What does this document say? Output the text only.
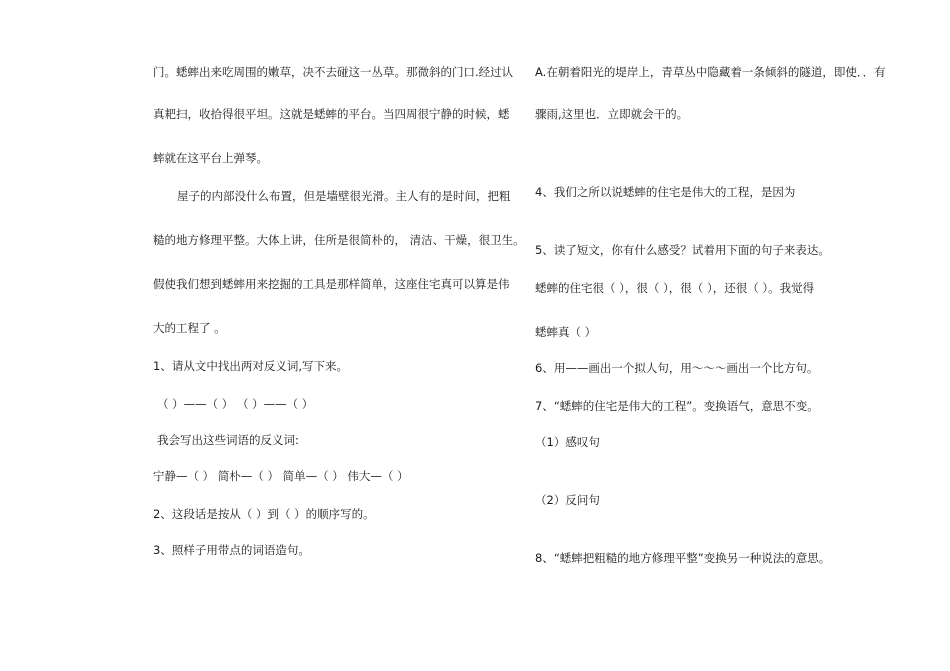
门。蟋蟀出来吃周围的嫩草，决不去碰这一丛草。那微斜的门口.经过认
真耙扫，收拾得很平坦。这就是蟋蟀的平台。当四周很宁静的时候，蟋
蟀就在这平台上弹琴。
屋子的内部没什么布置，但是墙壁很光滑。主人有的是时间，把粗
糙的地方修理平整。大体上讲，住所是很简朴的， 清洁、干燥，很卫生。
假使我们想到蟋蟀用来挖掘的工具是那样简单，这座住宅真可以算是伟
大的工程了 。
1、请从文中找出两对反义词,写下来。
（ ）——（ ） （ ）——（ ）
我会写出这些词语的反义词:
宁静—（ ） 简朴—（ ） 简单—（ ） 伟大—（ ）
2、这段话是按从（ ）到（ ）的顺序写的。
3、照样子用带点的词语造句。
A.在朝着阳光的堤岸上，青草丛中隐藏着一条倾斜的隧道，即使．．有
骤雨,这里也．立即就会干的。
4、我们之所以说蟋蟀的住宅是伟大的工程，是因为
5、读了短文，你有什么感受？试着用下面的句子来表达。
蟋蟀的住宅很（ ），很（ ），很（ ），还很（ ）。我觉得
蟋蟀真（ ）
6、用——画出一个拟人句，用～～～画出一个比方句。
7、“蟋蟀的住宅是伟大的工程”。变换语气，意思不变。
（1）感叹句
（2）反问句
8、“蟋蟀把粗糙的地方修理平整”变换另一种说法的意思。
